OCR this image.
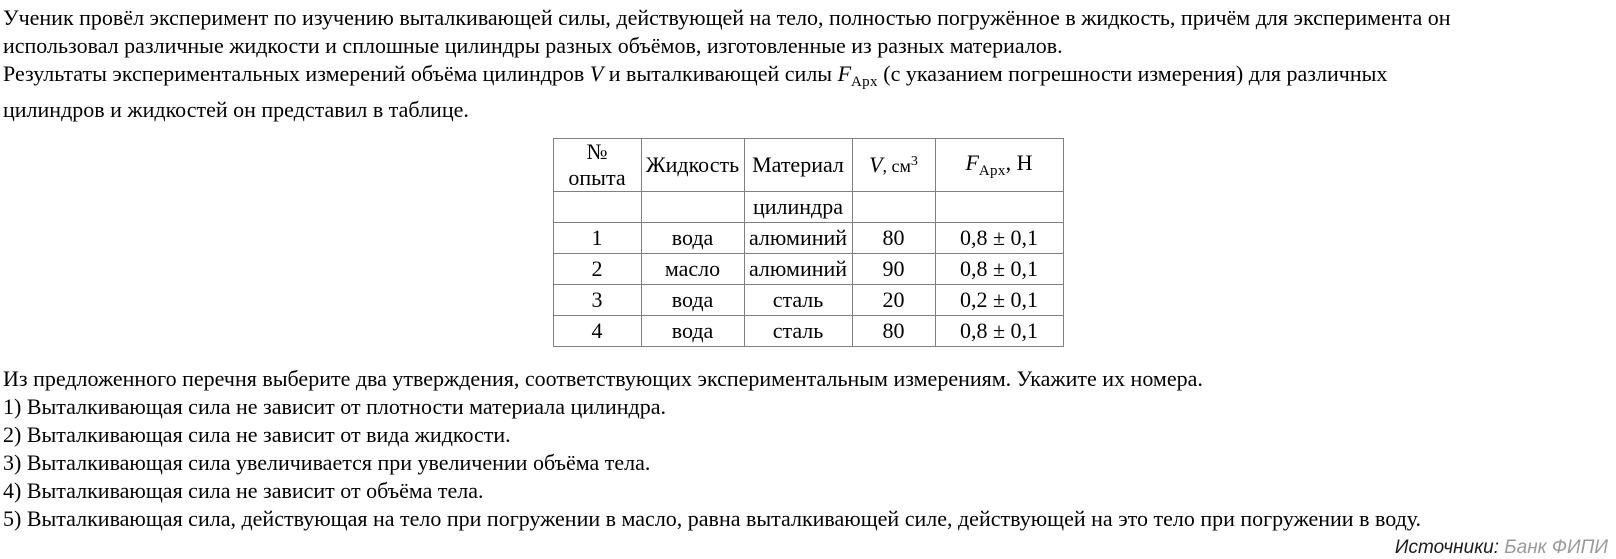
Ученик провёл эксперимент по изучению выталкивающей силы, действующей на тело, полностью погружённое в жидкость, причём для эксперимента он
использовал различные жидкости и сплошные цилиндры разных объёмов, изготовленные из разных материалов.
Результаты экспериментальных измерений объёма цилиндров V и выталкивающей силы $F_{Арх}$ (с указанием погрешности измерения) для различных
цилиндров и жидкостей он представил в таблице.
№ опыта	Жидкость	Материал	V, $см^3$	$F_{Арх}$, Н
		цилиндра		
1	вода	алюминий	80	0,8 ± 0,1
2	масло	алюминий	90	0,8 ± 0,1
3	вода	сталь	20	0,2 ± 0,1
4	вода	сталь	80	0,8 ± 0,1
Из предложенного перечня выберите два утверждения, соответствующих экспериментальным измерениям. Укажите их номера.
1) Выталкивающая сила не зависит от плотности материала цилиндра.
2) Выталкивающая сила не зависит от вида жидкости.
3) Выталкивающая сила увеличивается при увеличении объёма тела.
4) Выталкивающая сила не зависит от объёма тела.
5) Выталкивающая сила, действующая на тело при погружении в масло, равна выталкивающей силе, действующей на это тело при погружении в воду.
Источники: Банк ФИПИ
